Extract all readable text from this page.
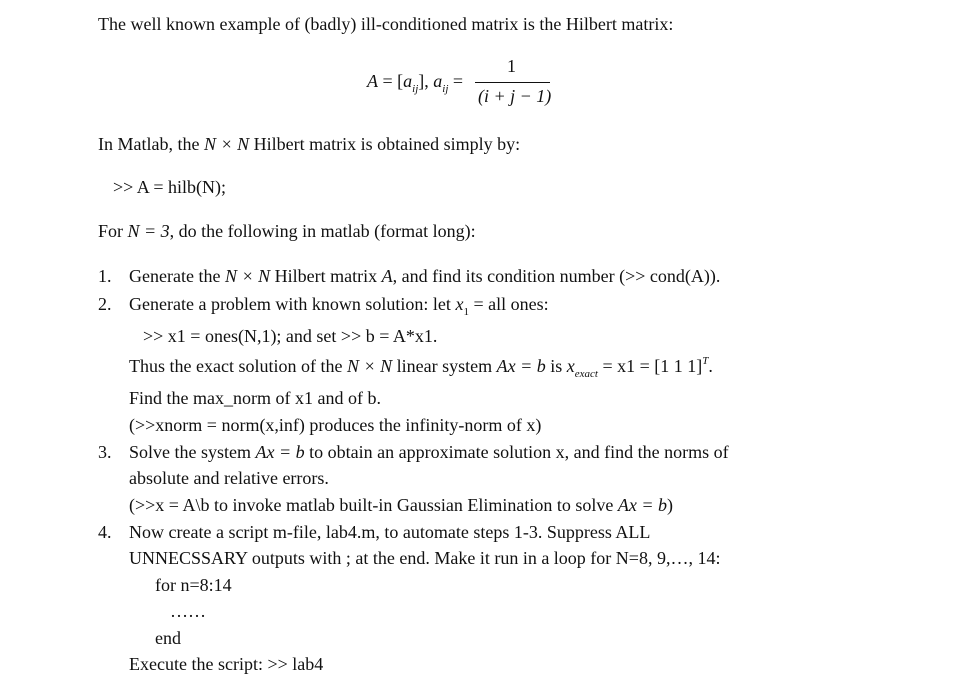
The well known example of (badly) ill-conditioned matrix is the Hilbert matrix:
$A = [a_{ij}]$, $a_{ij}$ =
1
(i + j − 1)
In Matlab, the N × N Hilbert matrix is obtained simply by:
>> A = hilb(N);
For N = 3, do the following in matlab (format long):
1. Generate the N × N Hilbert matrix A, and find its condition number (>> cond(A)).
2. Generate a problem with known solution: let $x_1$ = all ones:
>> x1 = ones(N,1); and set >> b = A*x1.
Thus the exact solution of the N × N linear system Ax = b is $x_{exact} = x1 = [1$ 1 1]$^T$.
Find the max_norm of x1 and of b.
(>>xnorm = norm(x,inf) produces the infinity-norm of x)
3. Solve the system Ax = b to obtain an approximate solution x, and find the norms of
absolute and relative errors.
(>>x = A\b to invoke matlab built-in Gaussian Elimination to solve Ax = b)
4. Now create a script m-file, lab4.m, to automate steps 1-3. Suppress ALL
UNNECSSARY outputs with ; at the end. Make it run in a loop for N=8, 9,…, 14:
for n=8:14
……
end
Execute the script: >> lab4
